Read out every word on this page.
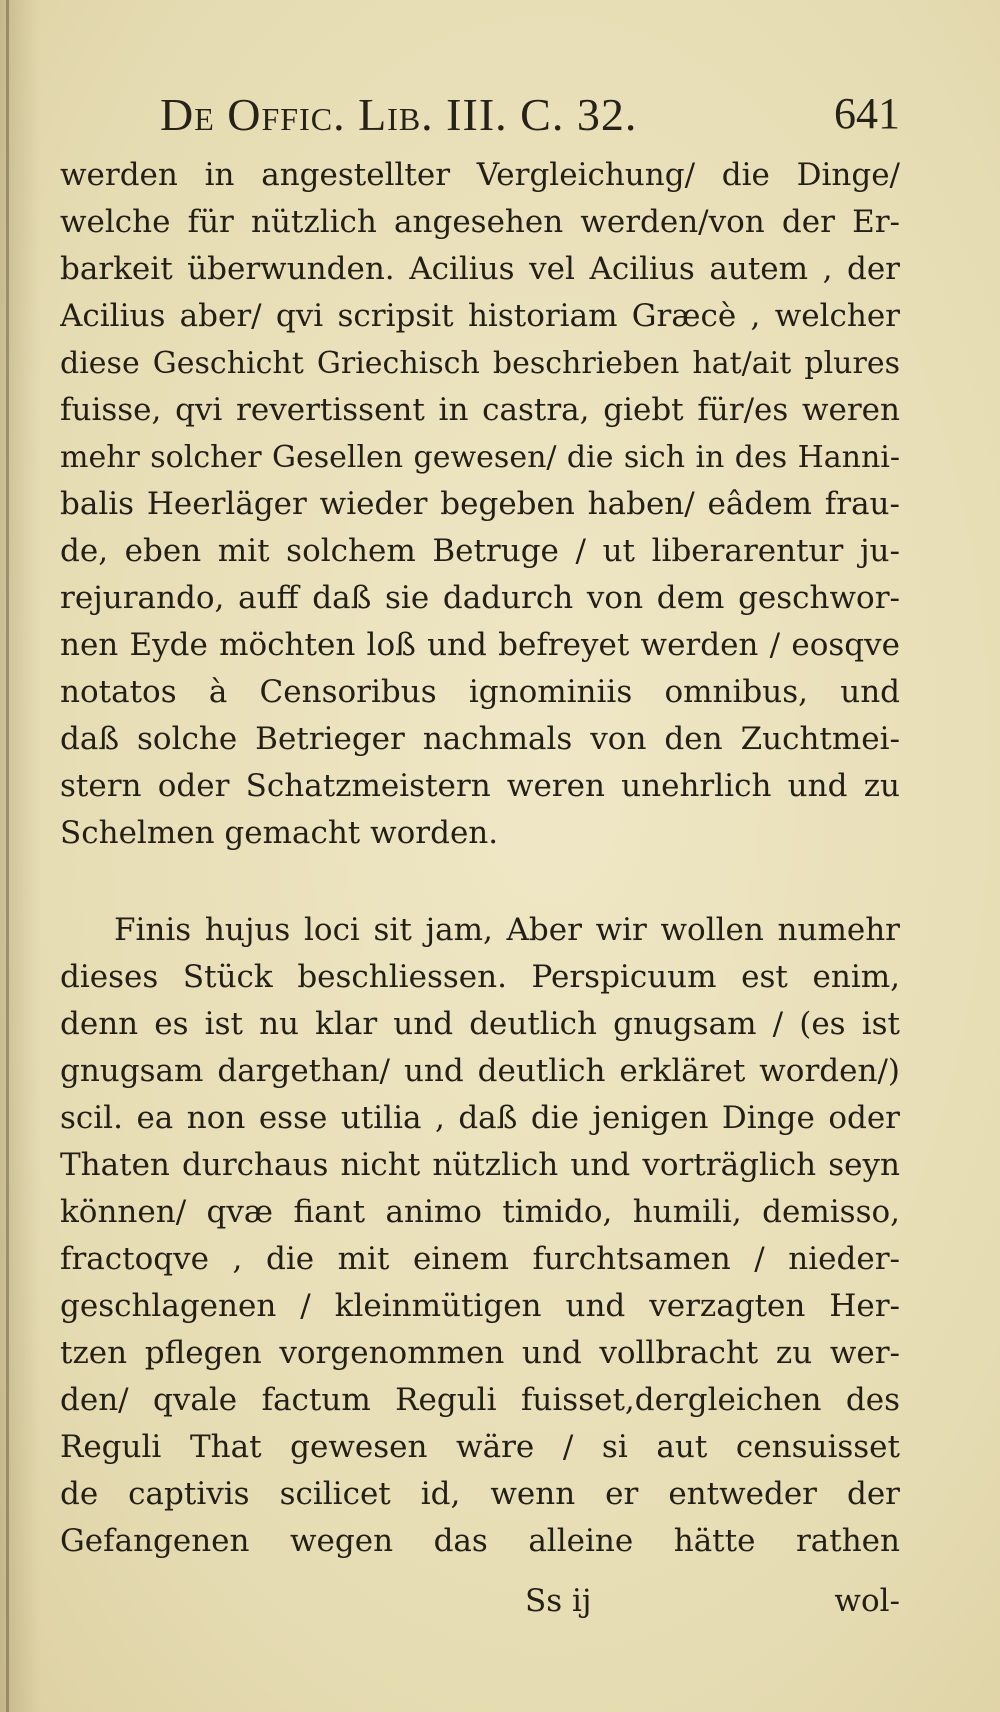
De Offic. Lib. III. C. 32.	641
werden in angestellter Vergleichung/ die Dinge/
welche für nützlich angesehen werden/von der Er-
barkeit überwunden. Acilius vel Acilius autem , der
Acilius aber/ qvi scripsit historiam Græcè , welcher
diese Geschicht Griechisch beschrieben hat/ait plures
fuisse, qvi revertissent in castra, giebt für/es weren
mehr solcher Gesellen gewesen/ die sich in des Hanni-
balis Heerläger wieder begeben haben/ eâdem frau-
de, eben mit solchem Betruge / ut liberarentur ju-
rejurando, auff daß sie dadurch von dem geschwor-
nen Eyde möchten loß und befreyet werden / eosqve
notatos à Censoribus ignominiis omnibus, und
daß solche Betrieger nachmals von den Zuchtmei-
stern oder Schatzmeistern weren unehrlich und zu
Schelmen gemacht worden.
Finis hujus loci sit jam, Aber wir wollen numehr
dieses Stück beschliessen. Perspicuum est enim,
denn es ist nu klar und deutlich gnugsam / (es ist
gnugsam dargethan/ und deutlich erkläret worden/)
scil. ea non esse utilia , daß die jenigen Dinge oder
Thaten durchaus nicht nützlich und vorträglich seyn
können/ qvæ fiant animo timido, humili, demisso,
fractoqve , die mit einem furchtsamen / nieder-
geschlagenen / kleinmütigen und verzagten Her-
tzen pflegen vorgenommen und vollbracht zu wer-
den/ qvale factum Reguli fuisset,dergleichen des
Reguli That gewesen wäre / si aut censuisset
de captivis scilicet id, wenn er entweder der
Gefangenen wegen das alleine hätte rathen
Ss ij	wol-
